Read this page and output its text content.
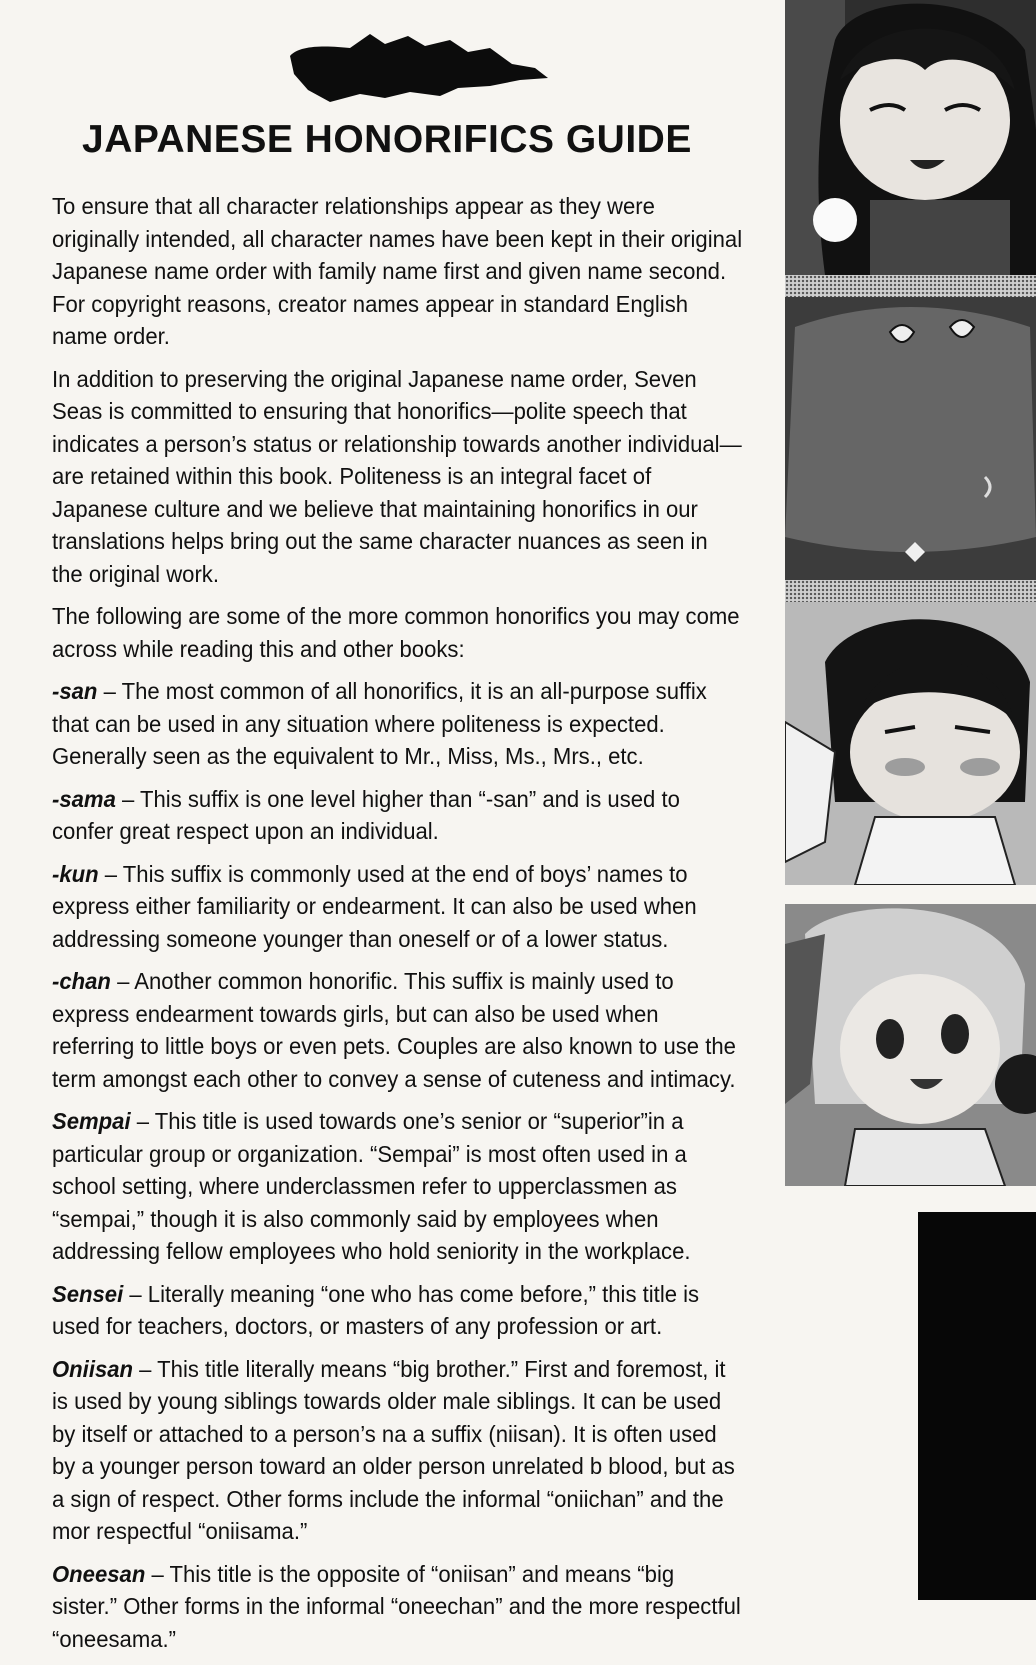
JAPANESE HONORIFICS GUIDE

To ensure that all character relationships appear as they were originally intended, all character names have been kept in their original Japanese name order with family name first and given name second. For copyright reasons, creator names appear in standard English name order.

In addition to preserving the original Japanese name order, Seven Seas is committed to ensuring that honorifics—polite speech that indicates a person’s status or relationship towards another individual—are retained within this book. Politeness is an integral facet of Japanese culture and we believe that maintaining honorifics in our translations helps bring out the same character nuances as seen in the original work.

The following are some of the more common honorifics you may come across while reading this and other books:

-san – The most common of all honorifics, it is an all-purpose suffix that can be used in any situation where politeness is expected. Generally seen as the equivalent to Mr., Miss, Ms., Mrs., etc.

-sama – This suffix is one level higher than “-san” and is used to confer great respect upon an individual.

-kun – This suffix is commonly used at the end of boys’ names to express either familiarity or endearment. It can also be used when addressing someone younger than oneself or of a lower status.

-chan – Another common honorific. This suffix is mainly used to express endearment towards girls, but can also be used when referring to little boys or even pets. Couples are also known to use the term amongst each other to convey a sense of cuteness and intimacy.

Sempai – This title is used towards one’s senior or “superior”in a particular group or organization. “Sempai” is most often used in a school setting, where underclassmen refer to upperclassmen as “sempai,” though it is also commonly said by employees when addressing fellow employees who hold seniority in the workplace.

Sensei – Literally meaning “one who has come before,” this title is used for teachers, doctors, or masters of any profession or art.

Oniisan – This title literally means “big brother.” First and foremost, it is used by young siblings towards older male siblings. It can be used by itself or attached to a person’s na a suffix (niisan). It is often used by a younger person toward an older person unrelated b blood, but as a sign of respect. Other forms include the informal “oniichan” and the mor respectful “oniisama.”

Oneesan – This title is the opposite of “oniisan” and means “big sister.” Other forms in the informal “oneechan” and the more respectful “oneesama.”
